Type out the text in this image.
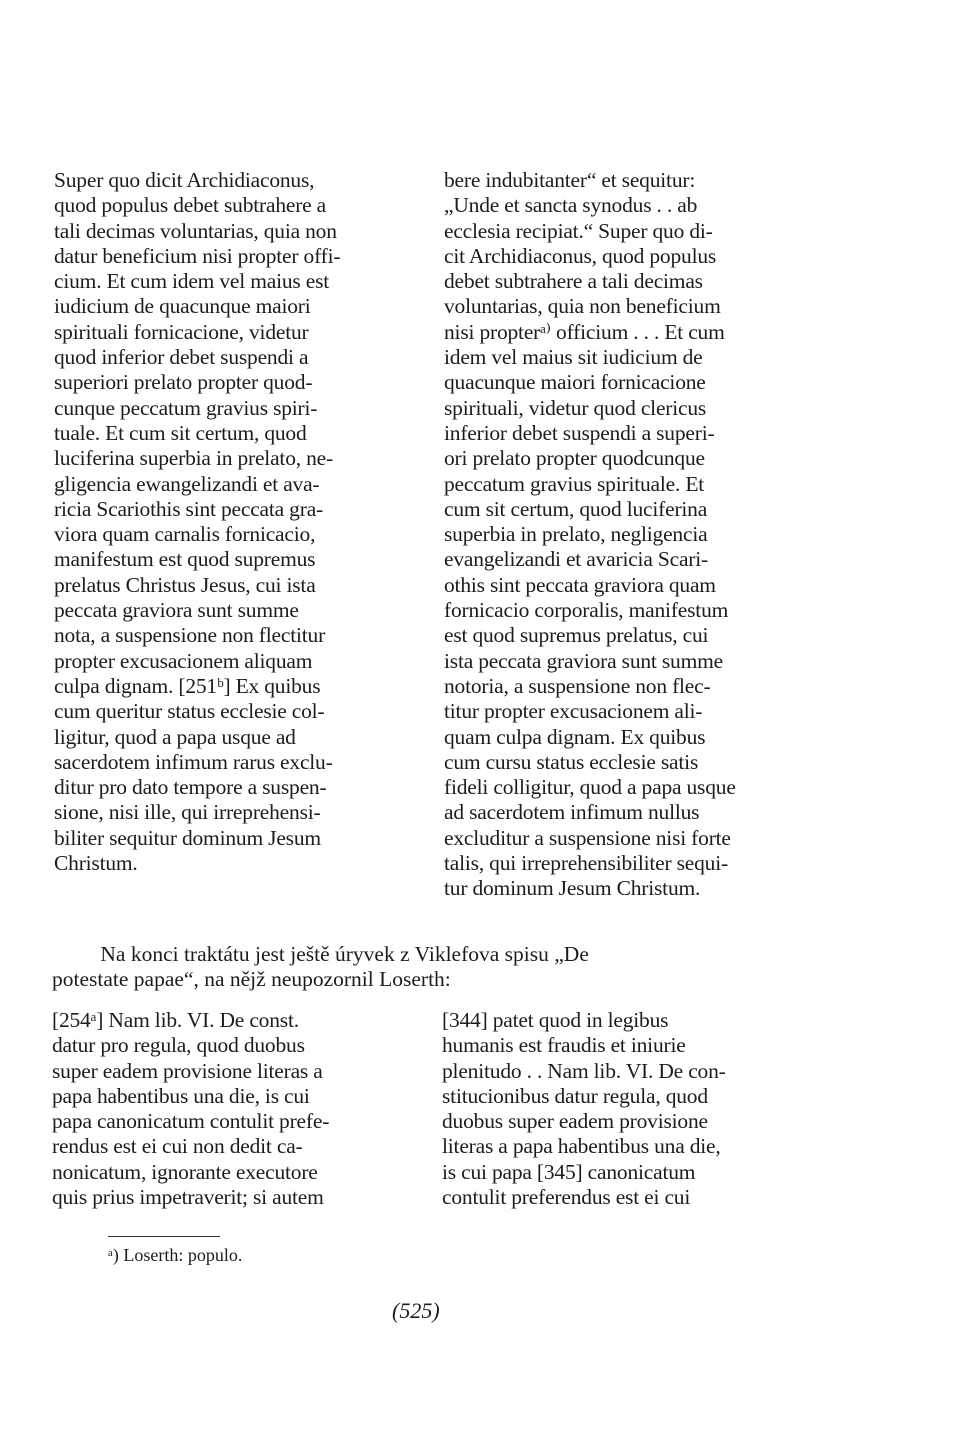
Super quo dicit Archidiaconus,
quod populus debet subtrahere a
tali decimas voluntarias, quia non
datur beneficium nisi propter offi-
cium. Et cum idem vel maius est
iudicium de quacunque maiori
spirituali fornicacione, videtur
quod inferior debet suspendi a
superiori prelato propter quod-
cunque peccatum gravius spiri-
tuale. Et cum sit certum, quod
luciferina superbia in prelato, ne-
gligencia ewangelizandi et ava-
ricia Scariothis sint peccata gra-
viora quam carnalis fornicacio,
manifestum est quod supremus
prelatus Christus Jesus, cui ista
peccata graviora sunt summe
nota, a suspensione non flectitur
propter excusacionem aliquam
culpa dignam. [251ᵇ] Ex quibus
cum queritur status ecclesie col-
ligitur, quod a papa usque ad
sacerdotem infimum rarus exclu-
ditur pro dato tempore a suspen-
sione, nisi ille, qui irreprehensi-
biliter sequitur dominum Jesum
Christum.
bere indubitanter“ et sequitur:
„Unde et sancta synodus . . ab
ecclesia recipiat.“ Super quo di-
cit Archidiaconus, quod populus
debet subtrahere a tali decimas
voluntarias, quia non beneficium
nisi propterᵃ⁾ officium . . . Et cum
idem vel maius sit iudicium de
quacunque maiori fornicacione
spirituali, videtur quod clericus
inferior debet suspendi a superi-
ori prelato propter quodcunque
peccatum gravius spirituale. Et
cum sit certum, quod luciferina
superbia in prelato, negligencia
evangelizandi et avaricia Scari-
othis sint peccata graviora quam
fornicacio corporalis, manifestum
est quod supremus prelatus, cui
ista peccata graviora sunt summe
notoria, a suspensione non flec-
titur propter excusacionem ali-
quam culpa dignam. Ex quibus
cum cursu status ecclesie satis
fideli colligitur, quod a papa usque
ad sacerdotem infimum nullus
excluditur a suspensione nisi forte
talis, qui irreprehensibiliter sequi-
tur dominum Jesum Christum.
Na konci traktátu jest ještě úryvek z Viklefova spisu „De
potestate papae“, na nějž neupozornil Loserth:
[254ᵃ] Nam lib. VI. De const.
datur pro regula, quod duobus
super eadem provisione literas a
papa habentibus una die, is cui
papa canonicatum contulit prefe-
rendus est ei cui non dedit ca-
nonicatum, ignorante executore
quis prius impetraverit; si autem
[344] patet quod in legibus
humanis est fraudis et iniurie
plenitudo . . Nam lib. VI. De con-
stitucionibus datur regula, quod
duobus super eadem provisione
literas a papa habentibus una die,
is cui papa [345] canonicatum
contulit preferendus est ei cui
ᵃ) Loserth: populo.
(525)
